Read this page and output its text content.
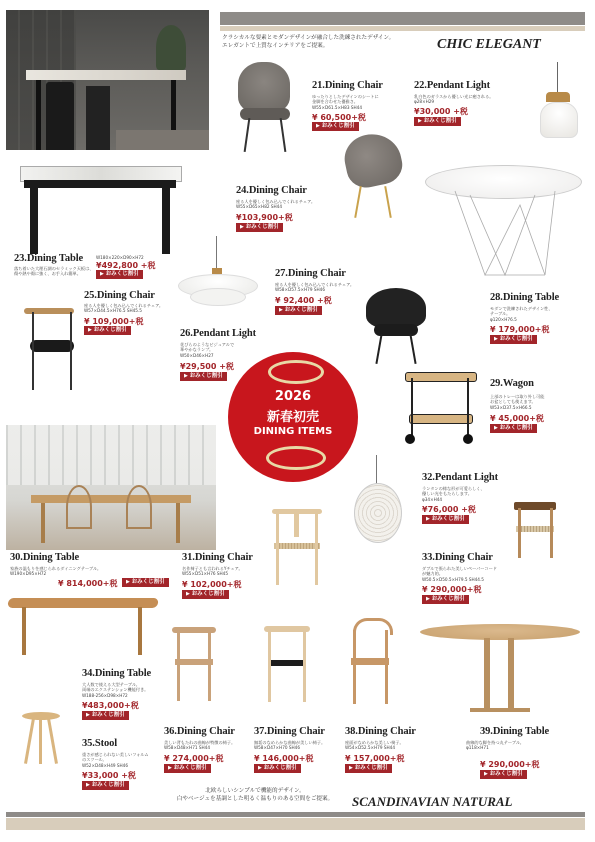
クラシカルな要素とモダンデザインが融合した洗練されたデザイン。
エレガントで上質なインテリアをご提案。	CHIC ELEGANT
2026
新春初売
DINING ITEMS
21.Dining Chair
ゆったりとしたデザインのシートに
金脚を合わせた優雅さ。
W55×D61.5×H83 SH44
¥ 60,500+税
▶ おみくじ割引
22.Pendant Light
乳白色のガラスから優しい光に癒される。
φ28×H29
¥30,000 +税
▶ おみくじ割引
24.Dining Chair
座る人を優しく包み込んでくれるチェア。
W55×D65×H82 SH44
¥103,900+税
▶ おみくじ割引
23.Dining Table	W180×220×D90×H72
¥492,800 +税
落ち着いた大理石調のセラミック天板は、
傷や熱や傷に強く、お手入れ簡単。	▶ おみくじ割引
25.Dining Chair
座る人を優しく包み込んでくれるチェア。
W57×D44.5×H76.5 SH45.5
¥ 109,000+税
▶ おみくじ割引
27.Dining Chair
座る人を優しく包み込んでくれるチェア。
W58×D57.5×H79 SH46
¥ 92,400 +税
▶ おみくじ割引
28.Dining Table
モダンで洗練されたデザイン性、
テーブル。
φ120×H76.5
¥ 179,000+税
▶ おみくじ割引
26.Pendant Light
花びらのようなビジュアルで
華やかなランプ。
W50×D46×H27
¥29,500 +税
▶ おみくじ割引
29.Wagon
上部のトレーは取り外し可能
お盆としても使えます。
W53×D37.5×H66.5
¥ 45,000+税
▶ おみくじ割引
32.Pendant Light
ランタンの様な形が可愛らしく、
優しい光をもたらします。
φ34×H44
¥76,000 +税
▶ おみくじ割引
30.Dining Table
家族の温もりを感じられるダイニングテーブル。
W190×D95×H72
¥ 814,000+税	▶ おみくじ割引
31.Dining Chair
名作椅子とも言われるYチェア。
W55×D51×H76 SH45
¥ 102,000+税
▶ おみくじ割引
33.Dining Chair
ダブルで張られた美しいペーパーコード
が魅力的。
W50.5×D50.5×H79.5 SH44.5
¥ 290,000+税
▶ おみくじ割引
34.Dining Table
大人数で使える大型テーブル。
両端のエクステンション機能付き。
W188-256×D98×H72
¥483,000+税
▶ おみくじ割引
35.Stool
重さが感じられない美しいフォルム
のスツール。
W52×D48×H49 SH46
¥33,000 +税
▶ おみくじ割引
36.Dining Chair
美しい背もたれの曲線が特徴の椅子。
W58×D48×H71 SH44
¥ 274,000+税
▶ おみくじ割引
37.Dining Chair
無垢のなめらかな曲線が美しい椅子。
W58×D47×H70 SH46
¥ 146,000+税
▶ おみくじ割引
38.Dining Chair
座面がなめらかな美しい椅子。
W54×D52.5×H79 SH44
¥ 157,000+税
▶ おみくじ割引
39.Dining Table
曲線的な脚を持つ丸テーブル。
φ118×H71
¥ 290,000+税
▶ おみくじ割引
北欧らしいシンプルで機能的デザイン。
白やベージュを基調とした明るく温もりのある空間をご提案。	SCANDINAVIAN NATURAL
